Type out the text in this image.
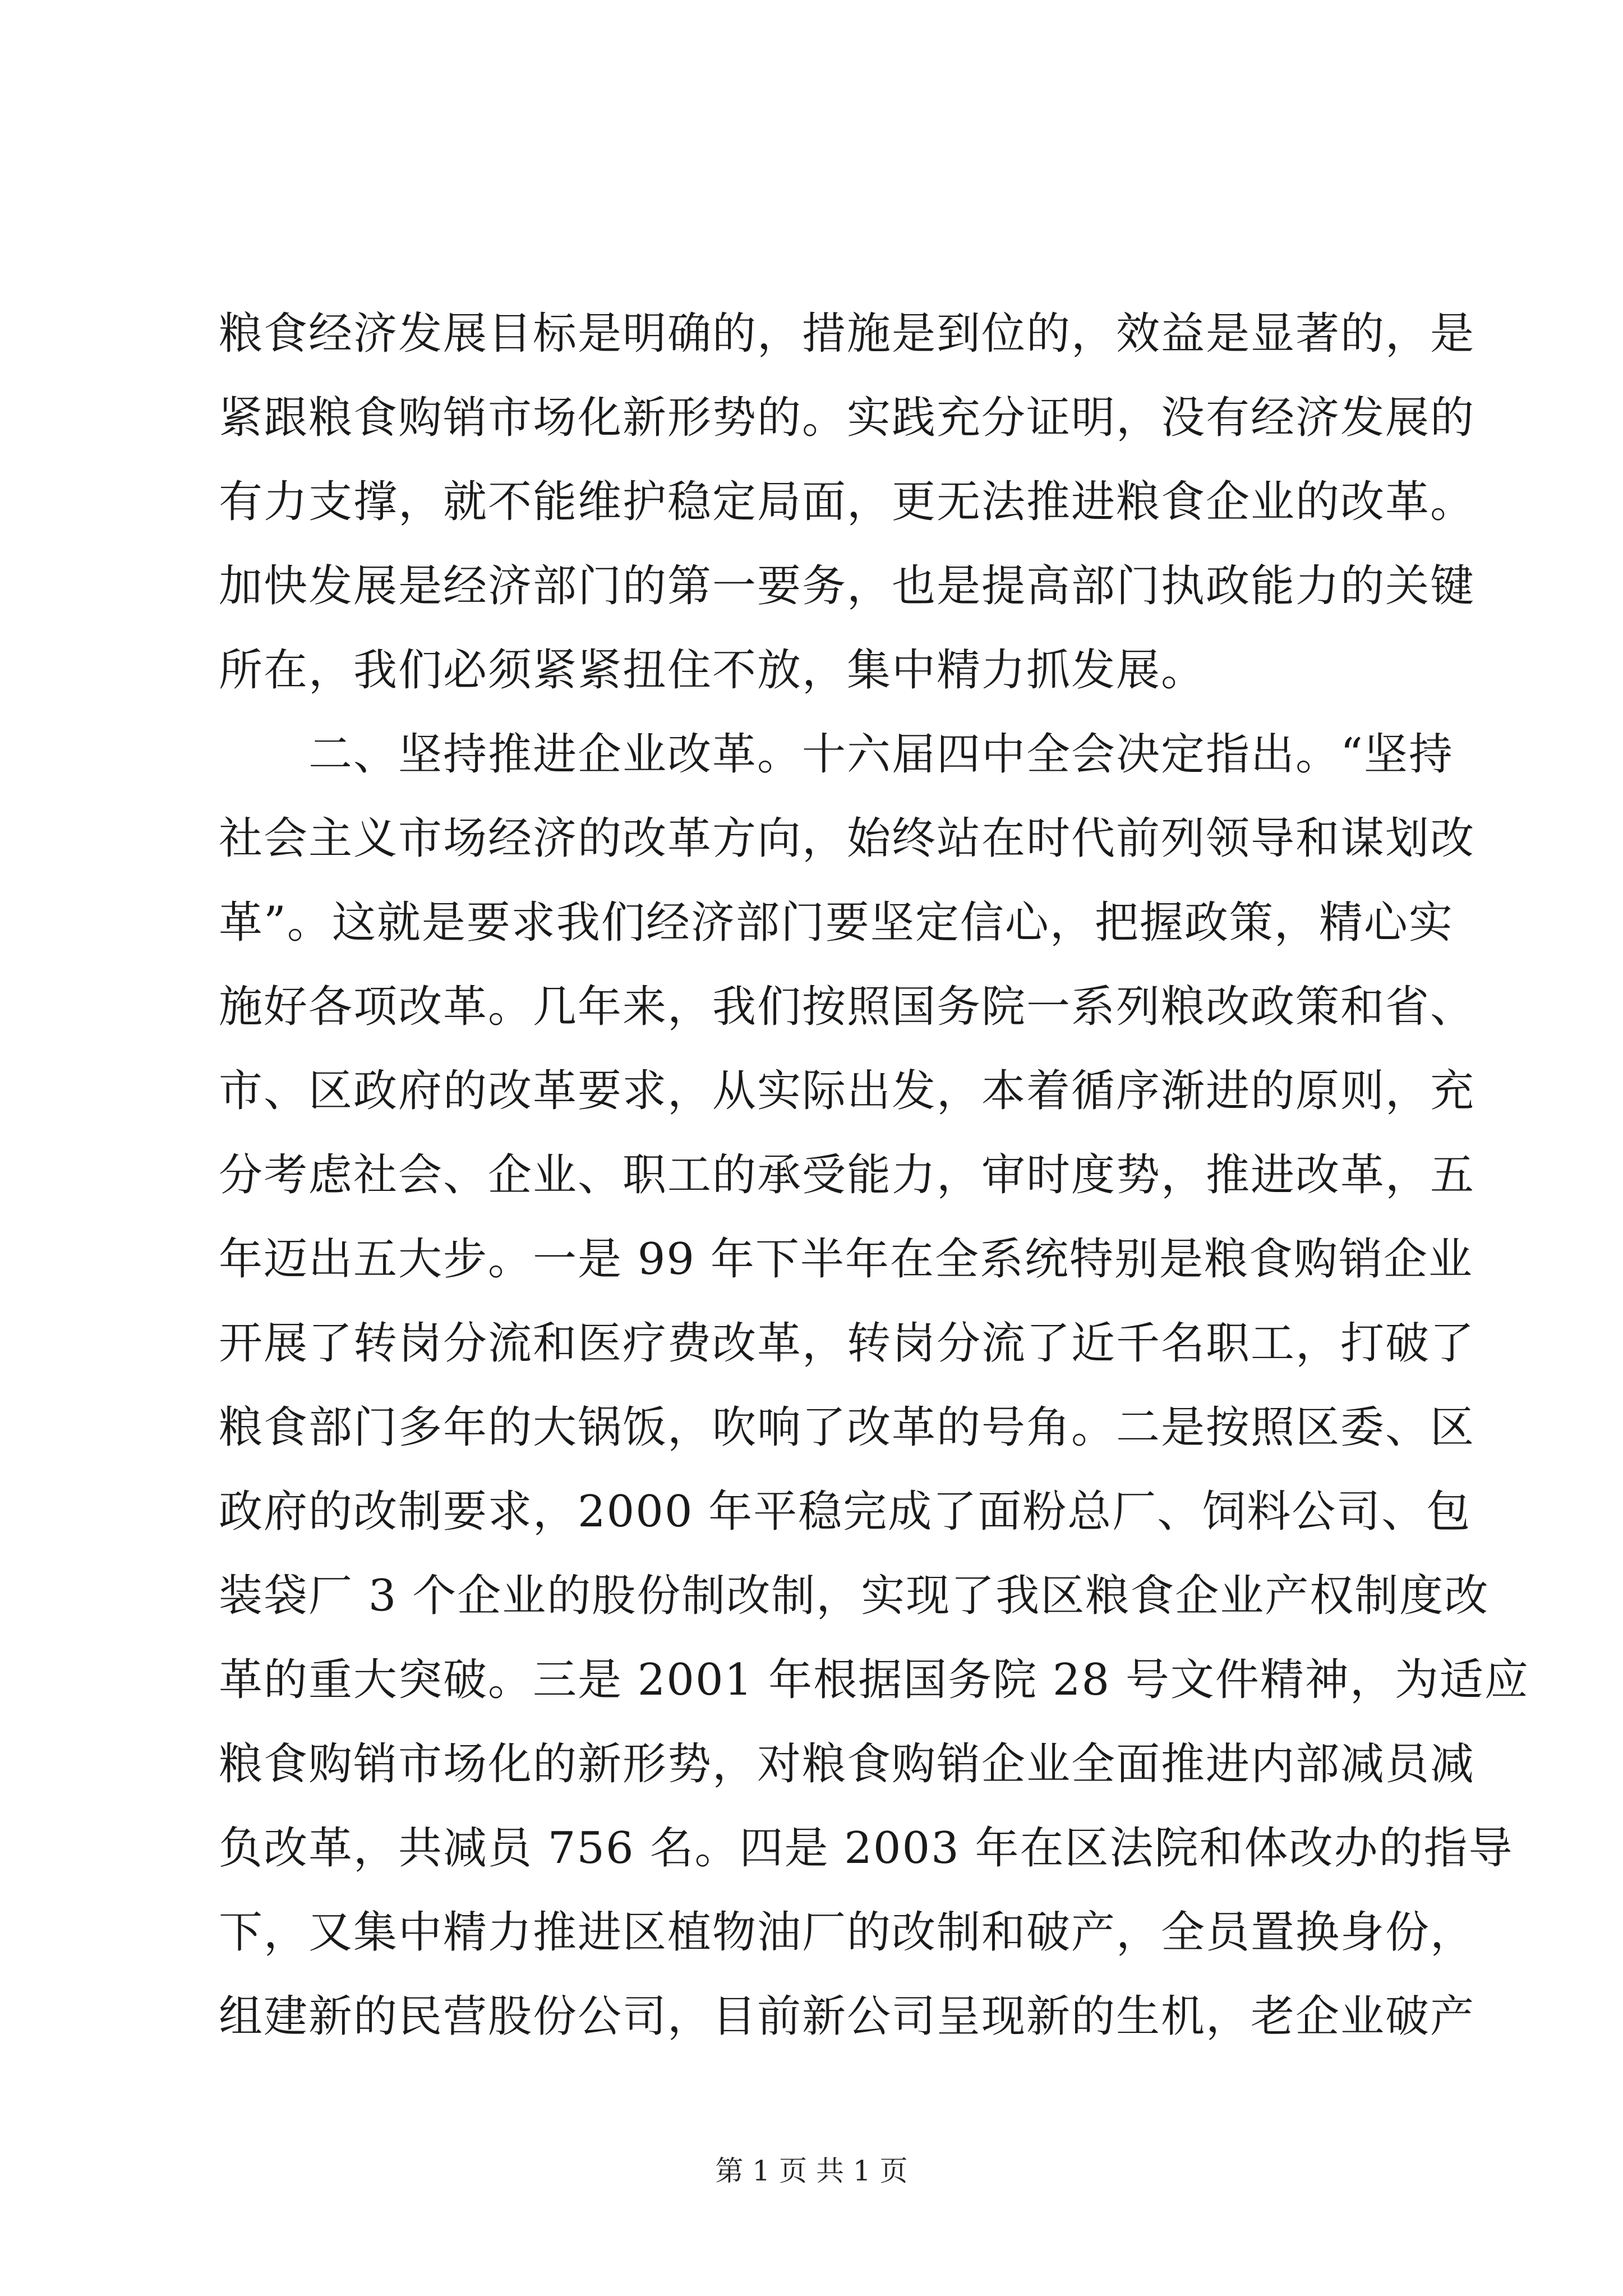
粮食经济发展目标是明确的，措施是到位的，效益是显著的，是
紧跟粮食购销市场化新形势的。实践充分证明，没有经济发展的
有力支撑，就不能维护稳定局面，更无法推进粮食企业的改革。
加快发展是经济部门的第一要务，也是提高部门执政能力的关键
所在，我们必须紧紧扭住不放，集中精力抓发展。
　　二、坚持推进企业改革。十六届四中全会决定指出。“坚持
社会主义市场经济的改革方向，始终站在时代前列领导和谋划改
革”。这就是要求我们经济部门要坚定信心，把握政策，精心实
施好各项改革。几年来，我们按照国务院一系列粮改政策和省、
市、区政府的改革要求，从实际出发，本着循序渐进的原则，充
分考虑社会、企业、职工的承受能力，审时度势，推进改革，五
年迈出五大步。一是 99 年下半年在全系统特别是粮食购销企业
开展了转岗分流和医疗费改革，转岗分流了近千名职工，打破了
粮食部门多年的大锅饭，吹响了改革的号角。二是按照区委、区
政府的改制要求，2000 年平稳完成了面粉总厂、饲料公司、包
装袋厂 3 个企业的股份制改制，实现了我区粮食企业产权制度改
革的重大突破。三是 2001 年根据国务院 28 号文件精神，为适应
粮食购销市场化的新形势，对粮食购销企业全面推进内部减员减
负改革，共减员 756 名。四是 2003 年在区法院和体改办的指导
下，又集中精力推进区植物油厂的改制和破产，全员置换身份，
组建新的民营股份公司，目前新公司呈现新的生机，老企业破产
第 1 页 共 1 页
